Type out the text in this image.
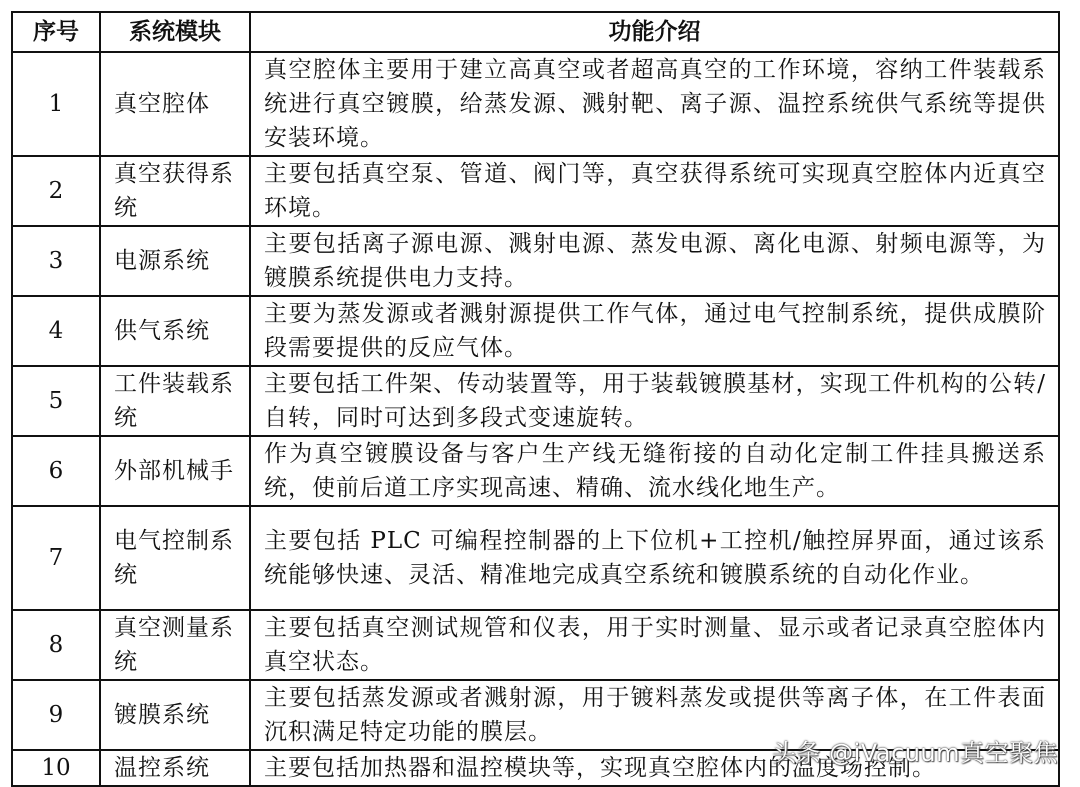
序号	系统模块	功能介绍
1	真空腔体	真空腔体主要用于建立高真空或者超高真空的工作环境，容纳工件装载系统进行真空镀膜，给蒸发源、溅射靶、离子源、温控系统供气系统等提供安装环境。
2	真空获得系统	主要包括真空泵、管道、阀门等，真空获得系统可实现真空腔体内近真空环境。
3	电源系统	主要包括离子源电源、溅射电源、蒸发电源、离化电源、射频电源等，为镀膜系统提供电力支持。
4	供气系统	主要为蒸发源或者溅射源提供工作气体，通过电气控制系统，提供成膜阶段需要提供的反应气体。
5	工件装载系统	主要包括工件架、传动装置等，用于装载镀膜基材，实现工件机构的公转/自转，同时可达到多段式变速旋转。
6	外部机械手	作为真空镀膜设备与客户生产线无缝衔接的自动化定制工件挂具搬送系统，使前后道工序实现高速、精确、流水线化地生产。
7	电气控制系统	主要包括 PLC 可编程控制器的上下位机+工控机/触控屏界面，通过该系统能够快速、灵活、精准地完成真空系统和镀膜系统的自动化作业。
8	真空测量系统	主要包括真空测试规管和仪表，用于实时测量、显示或者记录真空腔体内真空状态。
9	镀膜系统	主要包括蒸发源或者溅射源，用于镀料蒸发或提供等离子体，在工件表面沉积满足特定功能的膜层。
10	温控系统	主要包括加热器和温控模块等，实现真空腔体内的温度场控制。
头条 @iVacuum真空聚焦
